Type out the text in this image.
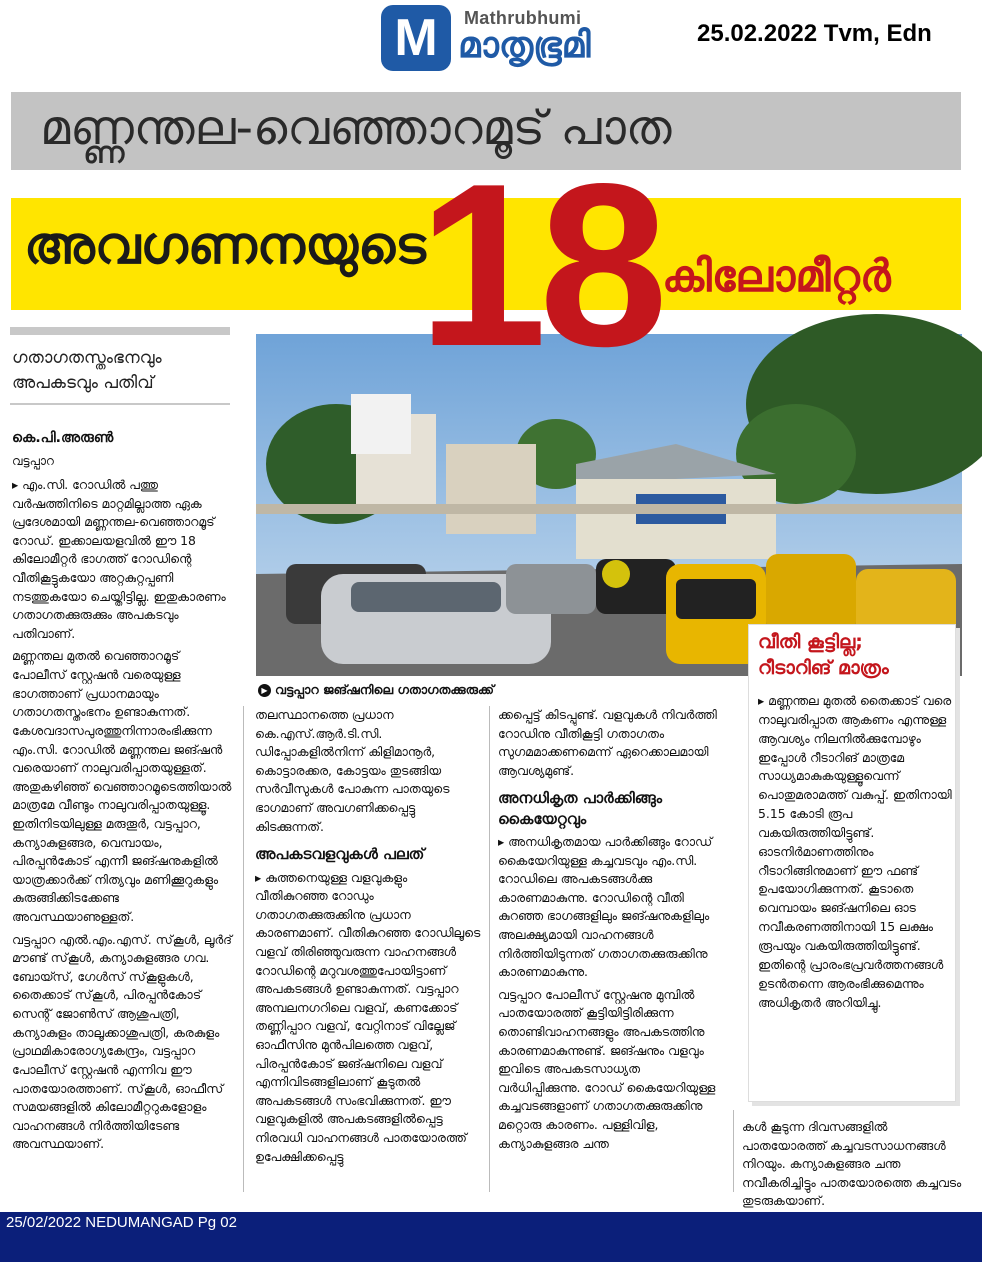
M Mathrubhumi
മാതൃഭൂമി	25.02.2022 Tvm, Edn
മണ്ണന്തല-വെഞ്ഞാറമൂട് പാത
അവഗണനയുടെ
18 കിലോമീറ്റർ
▶ വട്ടപ്പാറ ജങ്ഷനിലെ ഗതാഗതക്കുരുക്ക്
ഗതാഗതസ്തംഭനവും അപകടവും പതിവ്
കെ.പി.അരുൺ
വട്ടപ്പാറ

▸ എം.സി. റോഡിൽ പത്തു വർഷത്തിനിടെ മാറ്റമില്ലാത്ത ഏക പ്രദേശമായി മണ്ണന്തല-വെഞ്ഞാറമൂട് റോഡ്. ഇക്കാലയളവിൽ ഈ 18 കിലോമീറ്റർ ഭാഗത്ത് റോഡിന്റെ വീതികൂട്ടുകയോ അറ്റകുറ്റപ്പണി നടത്തുകയോ ചെയ്തിട്ടില്ല. ഇതുകാരണം ഗതാഗതക്കുരുക്കും അപകടവും പതിവാണ്.

മണ്ണന്തല മുതൽ വെഞ്ഞാറമൂട് പോലീസ് സ്റ്റേഷൻ വരെയുള്ള ഭാഗത്താണ് പ്രധാനമായും ഗതാഗതസ്തംഭനം ഉണ്ടാകുന്നത്. കേശവദാസപുരത്തുനിന്നാരംഭിക്കുന്ന എം.സി. റോഡിൽ മണ്ണന്തല ജങ്ഷൻ വരെയാണ് നാലുവരിപ്പാതയുള്ളത്. അതുകഴിഞ്ഞ് വെഞ്ഞാറമൂടെത്തിയാൽ മാത്രമേ വീണ്ടും നാലുവരിപ്പാതയുള്ളൂ. ഇതിനിടയിലുള്ള മരുതൂർ, വട്ടപ്പാറ, കന്യാകുളങ്ങര, വെമ്പായം, പിരപ്പൻകോട് എന്നീ ജങ്ഷനുകളിൽ യാത്രക്കാർക്ക് നിത്യവും മണിക്കൂറുകളും കുരുങ്ങിക്കിടക്കേണ്ട അവസ്ഥയാണുള്ളത്.

വട്ടപ്പാറ എൽ.എം.എസ്. സ്‌കൂൾ, ലൂർദ് മൗണ്ട് സ്‌കൂൾ, കന്യാകുളങ്ങര ഗവ. ബോയ്സ്, ഗേൾസ് സ്‌കൂളുകൾ, തൈക്കാട് സ്‌കൂൾ, പിരപ്പൻകോട് സെന്റ് ജോൺസ് ആശുപത്രി, കന്യാകുളം താലൂക്കാശുപത്രി, കരകുളം പ്രാഥമികാരോഗ്യകേന്ദ്രം, വട്ടപ്പാറ പോലീസ് സ്റ്റേഷൻ എന്നിവ ഈ പാതയോരത്താണ്. സ്‌കൂൾ, ഓഫീസ് സമയങ്ങളിൽ കിലോമീറ്ററുകളോളം വാഹനങ്ങൾ നിർത്തിയിടേണ്ട അവസ്ഥയാണ്.

തലസ്ഥാനത്തെ പ്രധാന കെ.എസ്.ആർ.ടി.സി. ഡിപ്പോകളിൽനിന്ന് കിളിമാനൂർ, കൊട്ടാരക്കര, കോട്ടയം തുടങ്ങിയ സർവീസുകൾ പോകുന്ന പാതയുടെ ഭാഗമാണ് അവഗണിക്കപ്പെട്ടു കിടക്കുന്നത്.

അപകടവളവുകൾ പലത്

▸ കുത്തനെയുള്ള വളവുകളും വീതികുറഞ്ഞ റോഡും ഗതാഗതക്കുരുക്കിനു പ്രധാന കാരണമാണ്. വീതികുറഞ്ഞ റോഡിലൂടെ വളവ് തിരിഞ്ഞുവരുന്ന വാഹനങ്ങൾ റോഡിന്റെ മറുവശത്തുപോയിട്ടാണ് അപകടങ്ങൾ ഉണ്ടാകുന്നത്. വട്ടപ്പാറ അമ്പലനഗറിലെ വളവ്, കണക്കോട് തണ്ണിപ്പാറ വളവ്, വേറ്റിനാട് വില്ലേജ് ഓഫീസിനു മുൻപിലത്തെ വളവ്, പിരപ്പൻകോട് ജങ്ഷനിലെ വളവ് എന്നിവിടങ്ങളിലാണ് കൂടുതൽ അപകടങ്ങൾ സംഭവിക്കുന്നത്. ഈ വളവുകളിൽ അപകടങ്ങളിൽപ്പെട്ട നിരവധി വാഹനങ്ങൾ പാതയോരത്ത് ഉപേക്ഷിക്കപ്പെട്ടു

ക്കപ്പെട്ട് കിടപ്പുണ്ട്. വളവുകൾ നിവർത്തി റോഡിനു വീതികൂട്ടി ഗതാഗതം സുഗമമാക്കണമെന്ന് ഏറെക്കാലമായി ആവശ്യമുണ്ട്.

അനധികൃത പാർക്കിങ്ങും കൈയേറ്റവും

▸ അനധികൃതമായ പാർക്കിങ്ങും റോഡ് കൈയേറിയുള്ള കച്ചവടവും എം.സി. റോഡിലെ അപകടങ്ങൾക്കു കാരണമാകുന്നു. റോഡിന്റെ വീതി കുറഞ്ഞ ഭാഗങ്ങളിലും ജങ്ഷനുകളിലും അലക്ഷ്യമായി വാഹനങ്ങൾ നിർത്തിയിടുന്നത് ഗതാഗതക്കുരുക്കിനു കാരണമാകുന്നു.

വട്ടപ്പാറ പോലീസ് സ്റ്റേഷനു മുമ്പിൽ പാതയോരത്ത് കൂട്ടിയിട്ടിരിക്കുന്ന തൊണ്ടിവാഹനങ്ങളും അപകടത്തിനു കാരണമാകുന്നുണ്ട്. ജങ്ഷനും വളവും ഇവിടെ അപകടസാധ്യത വർധിപ്പിക്കുന്നു. റോഡ് കൈയേറിയുള്ള കച്ചവടങ്ങളാണ് ഗതാഗതക്കുരുക്കിനു മറ്റൊരു കാരണം. പള്ളിവിള, കന്യാകുളങ്ങര ചന്ത

കൾ കൂടുന്ന ദിവസങ്ങളിൽ പാതയോരത്ത് കച്ചവടസാധനങ്ങൾ നിറയും. കന്യാകുളങ്ങര ചന്ത നവീകരിച്ചിട്ടും പാതയോരത്തെ കച്ചവടം തുടരുകയാണ്.

വീതി കൂട്ടില്ല;
റീടാറിങ് മാത്രം
▸ മണ്ണന്തല മുതൽ തൈക്കാട് വരെ നാലുവരിപ്പാത ആകണം എന്നുള്ള ആവശ്യം നിലനിൽക്കുമ്പോഴും ഇപ്പോൾ റീടാറിങ് മാത്രമേ സാധ്യമാകുകയുള്ളൂവെന്ന് പൊതുമരാമത്ത് വകുപ്പ്. ഇതിനായി 5.15 കോടി രൂപ വകയിരുത്തിയിട്ടുണ്ട്. ഓടനിർമാണത്തിനും റീടാറിങ്ങിനുമാണ് ഈ ഫണ്ട് ഉപയോഗിക്കുന്നത്. കൂടാതെ വെമ്പായം ജങ്ഷനിലെ ഓട നവീകരണത്തിനായി 15 ലക്ഷം രൂപയും വകയിരുത്തിയിട്ടുണ്ട്. ഇതിന്റെ പ്രാരംഭപ്രവർത്തനങ്ങൾ ഉടൻതന്നെ ആരംഭിക്കുമെന്നും അധികൃതർ അറിയിച്ചു.
25/02/2022 NEDUMANGAD Pg 02
